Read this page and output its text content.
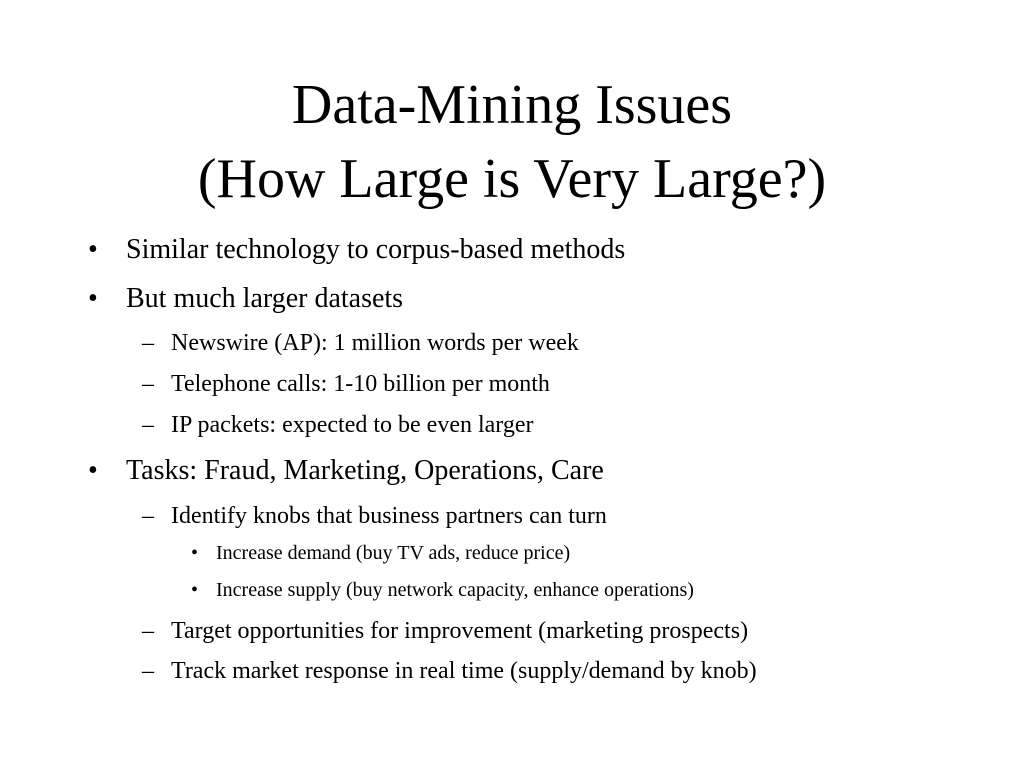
Data-Mining Issues
(How Large is Very Large?)
• Similar technology to corpus-based methods
• But much larger datasets
– Newswire (AP): 1 million words per week
– Telephone calls: 1-10 billion per month
– IP packets: expected to be even larger
• Tasks: Fraud, Marketing, Operations, Care
– Identify knobs that business partners can turn
• Increase demand (buy TV ads, reduce price)
• Increase supply (buy network capacity, enhance operations)
– Target opportunities for improvement (marketing prospects)
– Track market response in real time (supply/demand by knob)
